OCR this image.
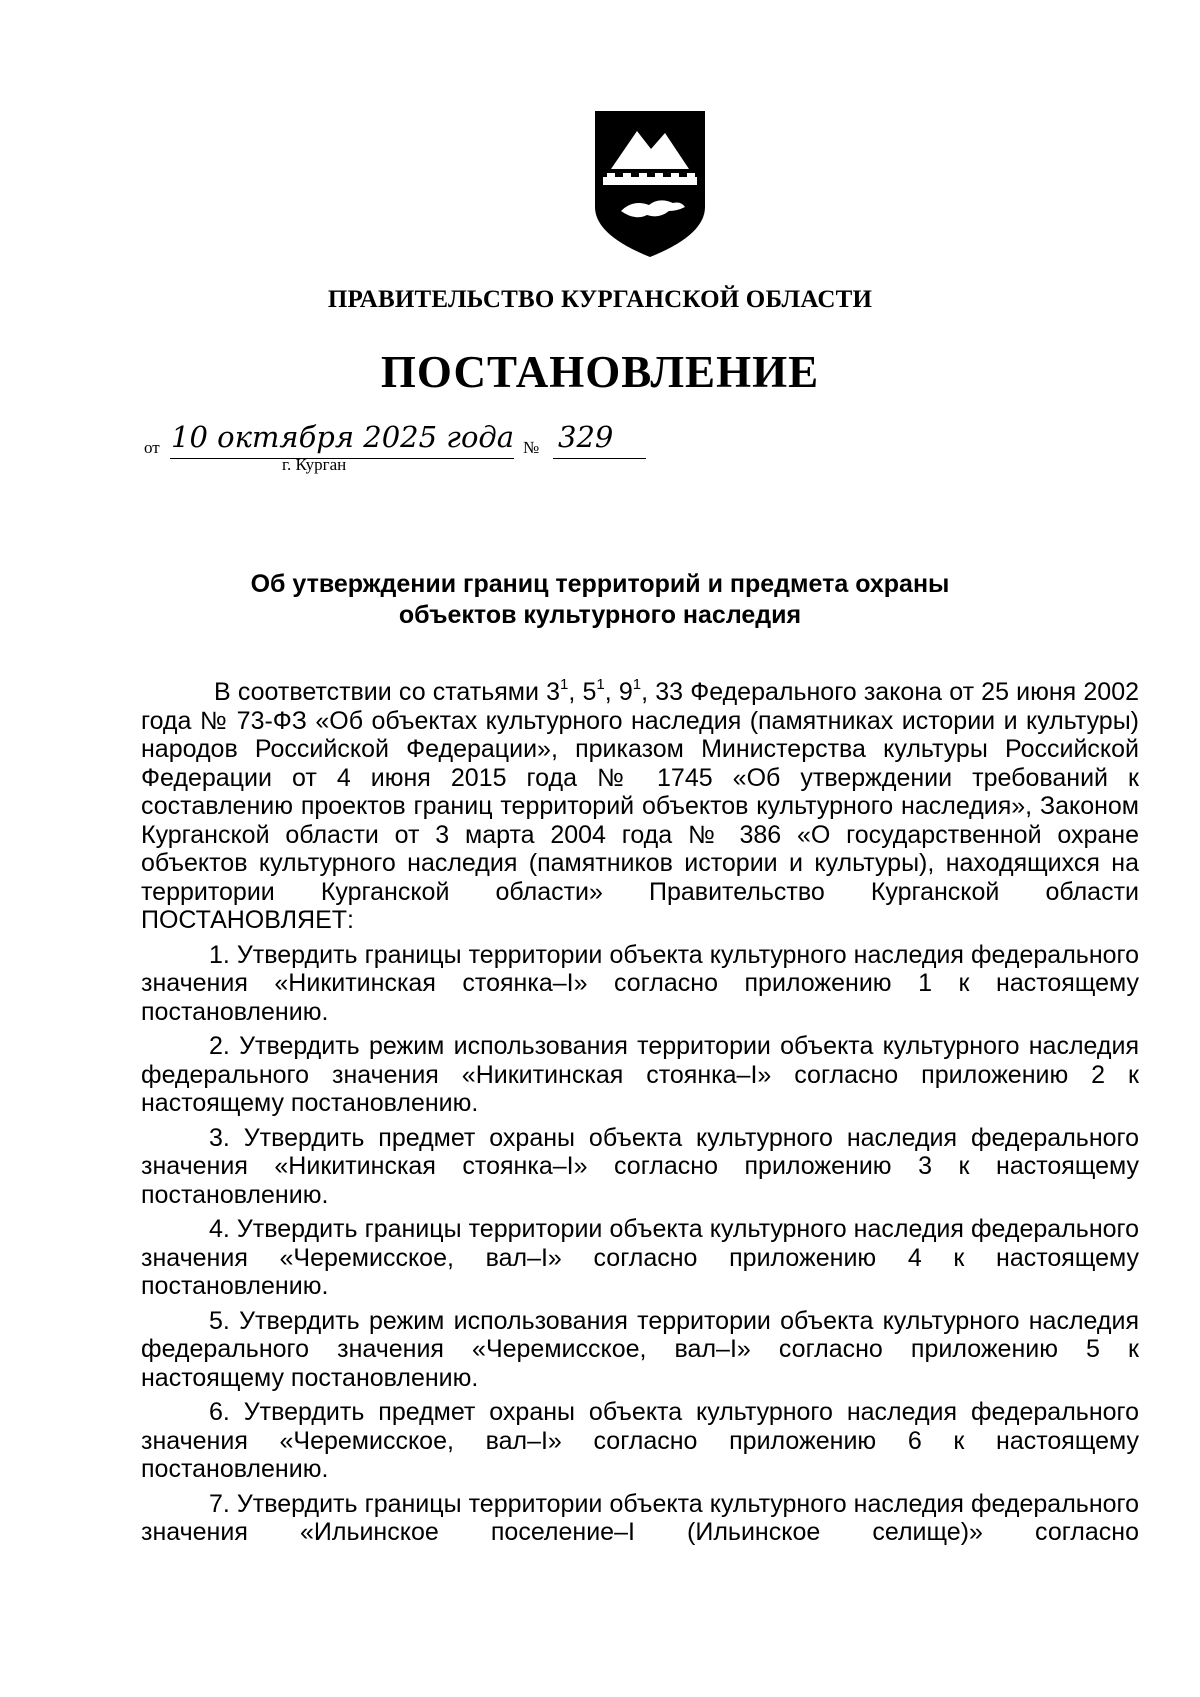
ПРАВИТЕЛЬСТВО КУРГАНСКОЙ ОБЛАСТИ
ПОСТАНОВЛЕНИЕ
от 10 октября 2025 года № 329
г. Курган
Об утверждении границ территорий и предмета охраны
объектов культурного наследия

В соответствии со статьями $3^1$, $5^1$, $9^1$, 33 Федерального закона от 25 июня 2002 года № 73-ФЗ «Об объектах культурного наследия (памятниках истории и культуры) народов Российской Федерации», приказом Министерства культуры Российской Федерации от 4 июня 2015 года № 1745 «Об утверждении требований к составлению проектов границ территорий объектов культурного наследия», Законом Курганской области от 3 марта 2004 года № 386 «О государственной охране объектов культурного наследия (памятников истории и культуры), находящихся на территории Курганской области» Правительство Курганской области ПОСТАНОВЛЯЕТ:

1. Утвердить границы территории объекта культурного наследия федерального значения «Никитинская стоянка–I» согласно приложению 1 к настоящему постановлению.

2. Утвердить режим использования территории объекта культурного наследия федерального значения «Никитинская стоянка–I» согласно приложению 2 к настоящему постановлению.

3. Утвердить предмет охраны объекта культурного наследия федерального значения «Никитинская стоянка–I» согласно приложению 3 к настоящему постановлению.

4. Утвердить границы территории объекта культурного наследия федерального значения «Черемисское, вал–I» согласно приложению 4 к настоящему постановлению.

5. Утвердить режим использования территории объекта культурного наследия федерального значения «Черемисское, вал–I» согласно приложению 5 к настоящему постановлению.

6. Утвердить предмет охраны объекта культурного наследия федерального значения «Черемисское, вал–I» согласно приложению 6 к настоящему постановлению.

7. Утвердить границы территории объекта культурного наследия федерального значения «Ильинское поселение–I (Ильинское селище)» согласно
